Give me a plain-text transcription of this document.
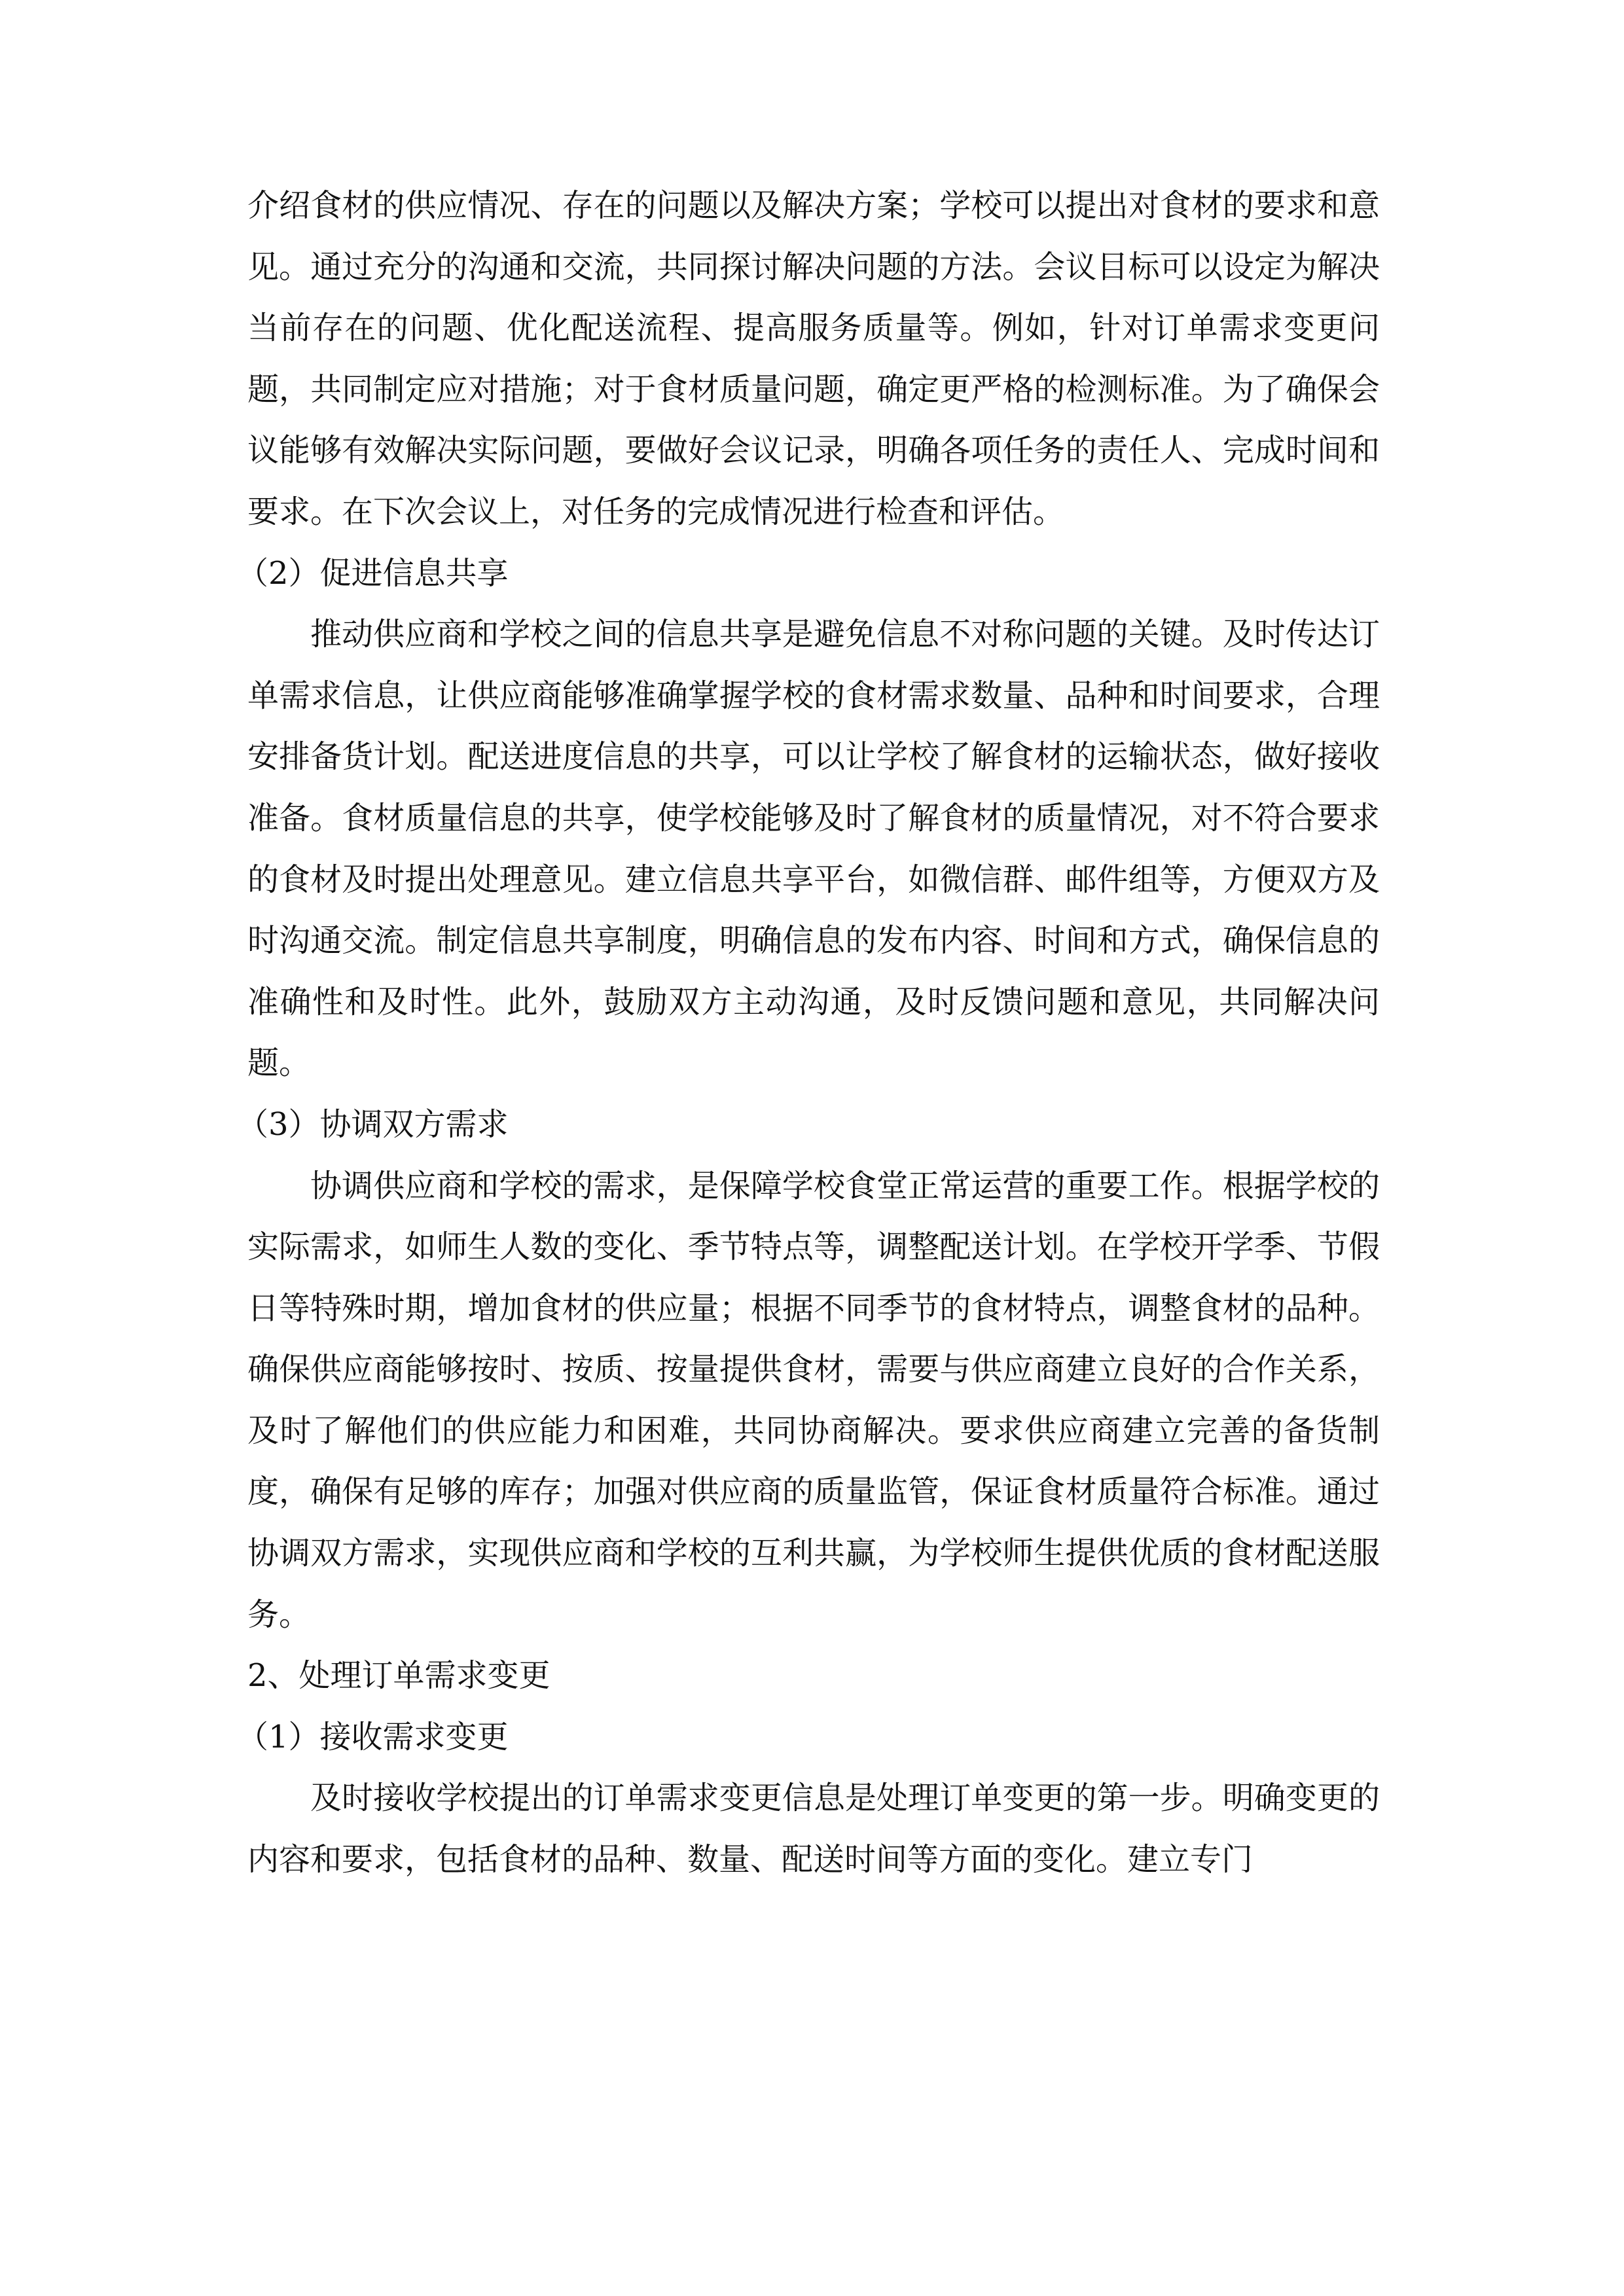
介绍食材的供应情况、存在的问题以及解决方案；学校可以提出对食材的要求和意见。通过充分的沟通和交流，共同探讨解决问题的方法。会议目标可以设定为解决当前存在的问题、优化配送流程、提高服务质量等。例如，针对订单需求变更问题，共同制定应对措施；对于食材质量问题，确定更严格的检测标准。为了确保会议能够有效解决实际问题，要做好会议记录，明确各项任务的责任人、完成时间和要求。在下次会议上，对任务的完成情况进行检查和评估。

（2）促进信息共享

推动供应商和学校之间的信息共享是避免信息不对称问题的关键。及时传达订单需求信息，让供应商能够准确掌握学校的食材需求数量、品种和时间要求，合理安排备货计划。配送进度信息的共享，可以让学校了解食材的运输状态，做好接收准备。食材质量信息的共享，使学校能够及时了解食材的质量情况，对不符合要求的食材及时提出处理意见。建立信息共享平台，如微信群、邮件组等，方便双方及时沟通交流。制定信息共享制度，明确信息的发布内容、时间和方式，确保信息的准确性和及时性。此外，鼓励双方主动沟通，及时反馈问题和意见，共同解决问题。

（3）协调双方需求

协调供应商和学校的需求，是保障学校食堂正常运营的重要工作。根据学校的实际需求，如师生人数的变化、季节特点等，调整配送计划。在学校开学季、节假日等特殊时期，增加食材的供应量；根据不同季节的食材特点，调整食材的品种。确保供应商能够按时、按质、按量提供食材，需要与供应商建立良好的合作关系，及时了解他们的供应能力和困难，共同协商解决。要求供应商建立完善的备货制度，确保有足够的库存；加强对供应商的质量监管，保证食材质量符合标准。通过协调双方需求，实现供应商和学校的互利共赢，为学校师生提供优质的食材配送服务。

2、处理订单需求变更

（1）接收需求变更

及时接收学校提出的订单需求变更信息是处理订单变更的第一步。明确变更的内容和要求，包括食材的品种、数量、配送时间等方面的变化。建立专门
